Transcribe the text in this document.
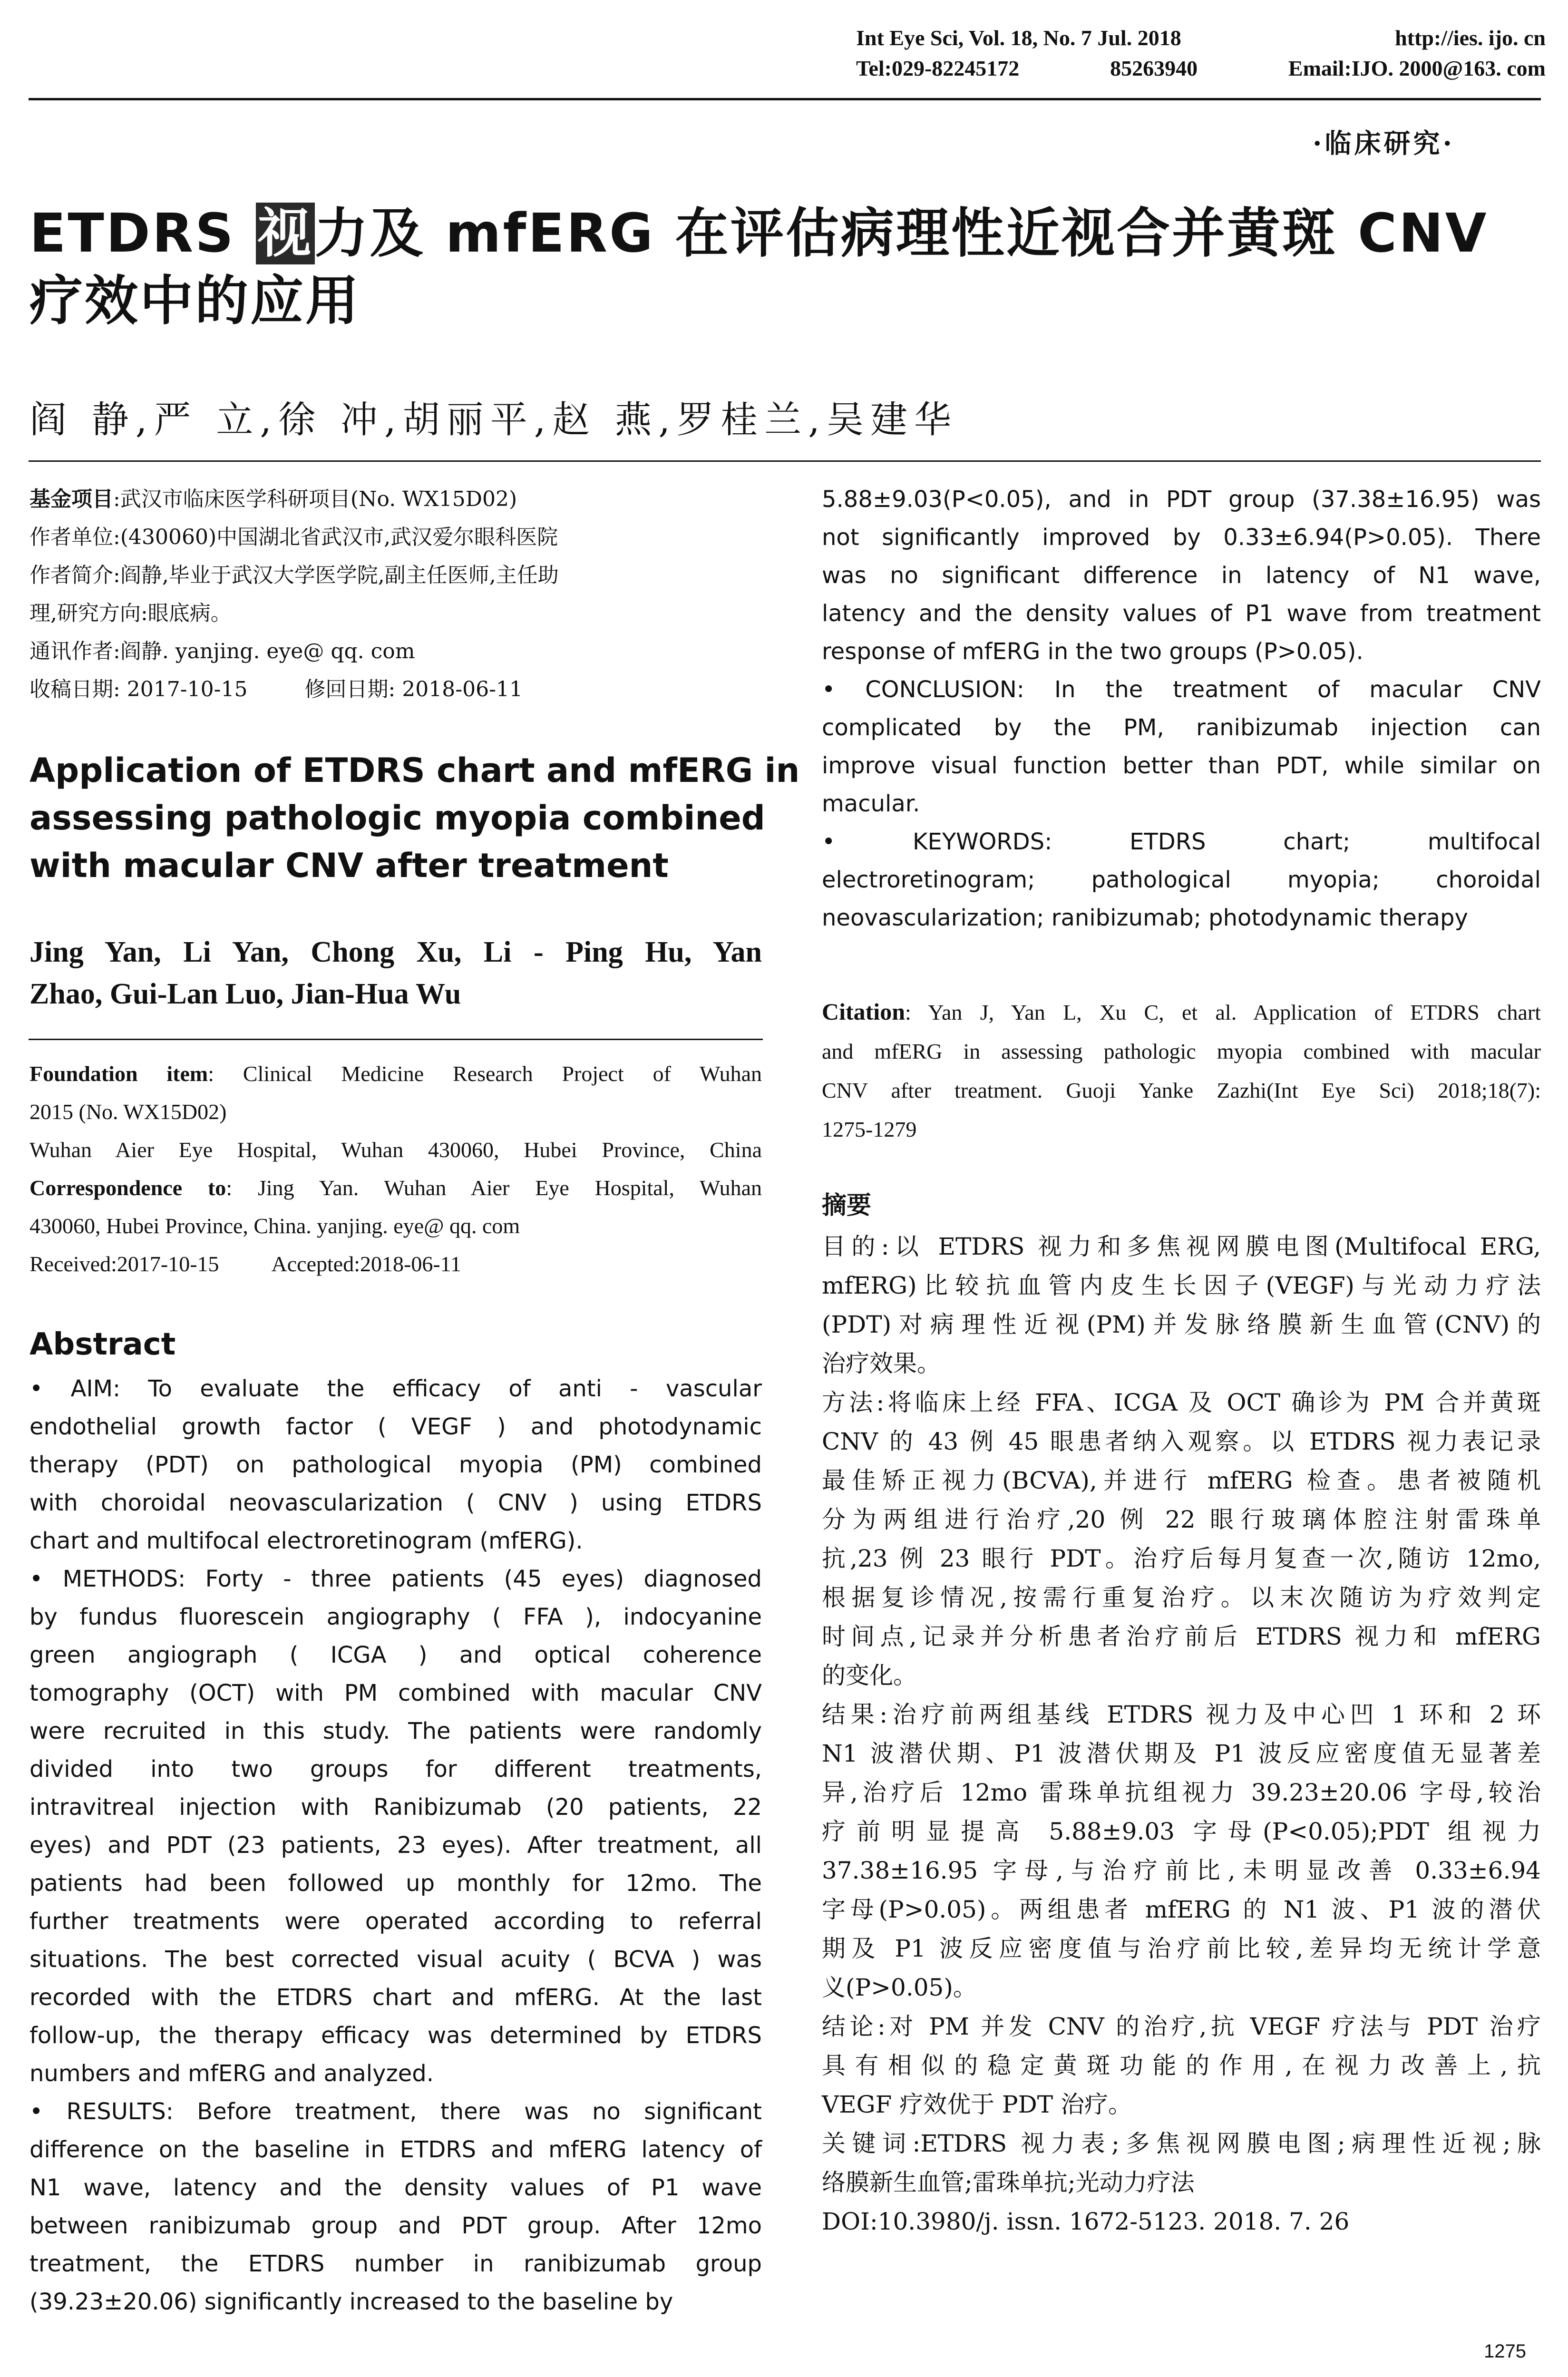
Int Eye Sci, Vol. 18, No. 7 Jul. 2018	http://ies. ijo. cn
Tel:029-82245172	85263940	Email:IJO. 2000@163. com
·临床研究·
ETDRS 视力及 mfERG 在评估病理性近视合并黄斑 CNV
疗效中的应用
阎 静,严 立,徐 冲,胡丽平,赵 燕,罗桂兰,吴建华
基金项目:武汉市临床医学科研项目(No. WX15D02)
作者单位:(430060)中国湖北省武汉市,武汉爱尔眼科医院
作者简介:阎静,毕业于武汉大学医学院,副主任医师,主任助
理,研究方向:眼底病。
通讯作者:阎静. yanjing. eye@ qq. com
收稿日期: 2017-10-15	修回日期: 2018-06-11
Application of ETDRS chart and mfERG in
assessing pathologic myopia combined
with macular CNV after treatment
Jing Yan, Li Yan, Chong Xu, Li - Ping Hu, Yan
Zhao, Gui-Lan Luo, Jian-Hua Wu
Foundation item: Clinical Medicine Research Project of Wuhan
2015 (No. WX15D02)
Wuhan Aier Eye Hospital, Wuhan 430060, Hubei Province, China
Correspondence to: Jing Yan. Wuhan Aier Eye Hospital, Wuhan
430060, Hubei Province, China. yanjing. eye@ qq. com
Received:2017-10-15 Accepted:2018-06-11
Abstract
• AIM: To evaluate the efficacy of anti - vascular
endothelial growth factor ( VEGF ) and photodynamic
therapy (PDT) on pathological myopia (PM) combined
with choroidal neovascularization ( CNV ) using ETDRS
chart and multifocal electroretinogram (mfERG).
• METHODS: Forty - three patients (45 eyes) diagnosed
by fundus fluorescein angiography ( FFA ), indocyanine
green angiograph ( ICGA ) and optical coherence
tomography (OCT) with PM combined with macular CNV
were recruited in this study. The patients were randomly
divided into two groups for different treatments,
intravitreal injection with Ranibizumab (20 patients, 22
eyes) and PDT (23 patients, 23 eyes). After treatment, all
patients had been followed up monthly for 12mo. The
further treatments were operated according to referral
situations. The best corrected visual acuity ( BCVA ) was
recorded with the ETDRS chart and mfERG. At the last
follow-up, the therapy efficacy was determined by ETDRS
numbers and mfERG and analyzed.
• RESULTS: Before treatment, there was no significant
difference on the baseline in ETDRS and mfERG latency of
N1 wave, latency and the density values of P1 wave
between ranibizumab group and PDT group. After 12mo
treatment, the ETDRS number in ranibizumab group
(39.23±20.06) significantly increased to the baseline by
5.88±9.03(P<0.05), and in PDT group (37.38±16.95) was
not significantly improved by 0.33±6.94(P>0.05). There
was no significant difference in latency of N1 wave,
latency and the density values of P1 wave from treatment
response of mfERG in the two groups (P>0.05).
• CONCLUSION: In the treatment of macular CNV
complicated by the PM, ranibizumab injection can
improve visual function better than PDT, while similar on
macular.
• KEYWORDS: ETDRS chart; multifocal
electroretinogram; pathological myopia; choroidal
neovascularization; ranibizumab; photodynamic therapy
Citation: Yan J, Yan L, Xu C, et al. Application of ETDRS chart
and mfERG in assessing pathologic myopia combined with macular
CNV after treatment. Guoji Yanke Zazhi(Int Eye Sci) 2018;18(7):
1275-1279
摘要
目的:以 ETDRS 视力和多焦视网膜电图(Multifocal ERG,
mfERG)比较抗血管内皮生长因子(VEGF)与光动力疗法
(PDT)对病理性近视(PM)并发脉络膜新生血管(CNV)的
治疗效果。
方法:将临床上经 FFA、ICGA 及 OCT 确诊为 PM 合并黄斑
CNV 的 43 例 45 眼患者纳入观察。以 ETDRS 视力表记录
最佳矫正视力(BCVA),并进行 mfERG 检查。患者被随机
分为两组进行治疗,20 例 22 眼行玻璃体腔注射雷珠单
抗,23 例 23 眼行 PDT。治疗后每月复查一次,随访 12mo,
根据复诊情况,按需行重复治疗。以末次随访为疗效判定
时间点,记录并分析患者治疗前后 ETDRS 视力和 mfERG
的变化。
结果:治疗前两组基线 ETDRS 视力及中心凹 1 环和 2 环
N1 波潜伏期、P1 波潜伏期及 P1 波反应密度值无显著差
异,治疗后 12mo 雷珠单抗组视力 39.23±20.06 字母,较治
疗前明显提高 5.88±9.03 字母(P<0.05);PDT 组视力
37.38±16.95 字母,与治疗前比,未明显改善 0.33±6.94
字母(P>0.05)。两组患者 mfERG 的 N1 波、P1 波的潜伏
期及 P1 波反应密度值与治疗前比较,差异均无统计学意
义(P>0.05)。
结论:对 PM 并发 CNV 的治疗,抗 VEGF 疗法与 PDT 治疗
具有相似的稳定黄斑功能的作用,在视力改善上,抗
VEGF 疗效优于 PDT 治疗。
关键词:ETDRS 视力表;多焦视网膜电图;病理性近视;脉
络膜新生血管;雷珠单抗;光动力疗法
DOI:10.3980/j. issn. 1672-5123. 2018. 7. 26
1275
